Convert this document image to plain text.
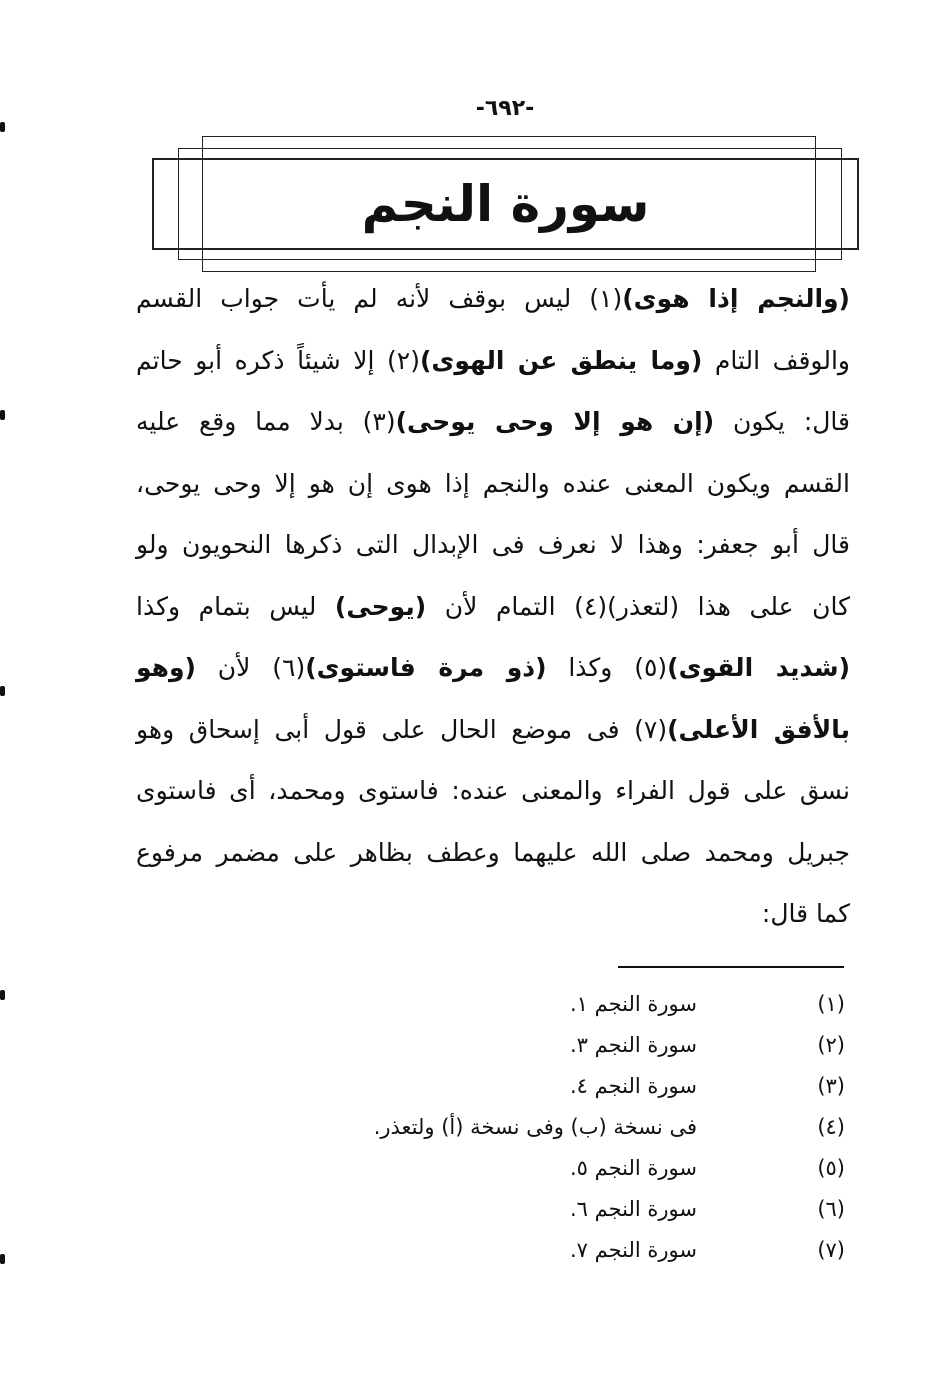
-٦٩٢-
سورة النجم
(والنجم إذا هوى)(١) ليس بوقف لأنه لم يأت جواب القسم
والوقف التام (وما ينطق عن الهوى)(٢) إلا شيئاً ذكره أبو حاتم
قال: يكون (إن هو إلا وحى يوحى)(٣) بدلا مما وقع عليه
القسم ويكون المعنى عنده والنجم إذا هوى إن هو إلا وحى يوحى،
قال أبو جعفر: وهذا لا نعرف فى الإبدال التى ذكرها النحويون ولو
كان على هذا (لتعذر)(٤) التمام لأن (يوحى) ليس بتمام وكذا
(شديد القوى)(٥) وكذا (ذو مرة فاستوى)(٦) لأن (وهو
بالأفق الأعلى)(٧) فى موضع الحال على قول أبى إسحاق وهو
نسق على قول الفراء والمعنى عنده: فاستوى ومحمد، أى فاستوى
جبريل ومحمد صلى الله عليهما وعطف بظاهر على مضمر مرفوع
كما قال:
(١)
سورة النجم ١.
(٢)
سورة النجم ٣.
(٣)
سورة النجم ٤.
(٤)
فى نسخة (ب) وفى نسخة (أ) ولتعذر.
(٥)
سورة النجم ٥.
(٦)
سورة النجم ٦.
(٧)
سورة النجم ٧.
